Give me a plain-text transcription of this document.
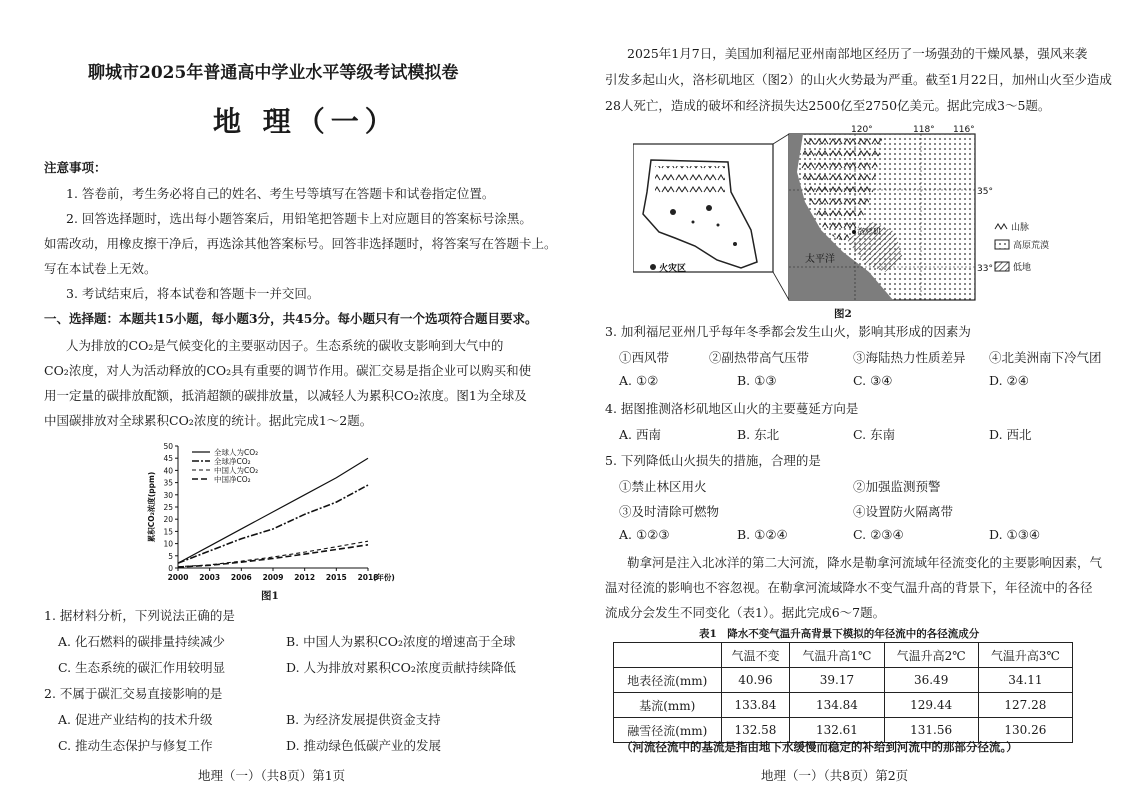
聊城市2025年普通高中学业水平等级考试模拟卷
地 理（一）
注意事项：
1. 答卷前，考生务必将自己的姓名、考生号等填写在答题卡和试卷指定位置。
2. 回答选择题时，选出每小题答案后，用铅笔把答题卡上对应题目的答案标号涂黑。
如需改动，用橡皮擦干净后，再选涂其他答案标号。回答非选择题时，将答案写在答题卡上。
写在本试卷上无效。
3. 考试结束后，将本试卷和答题卡一并交回。
一、选择题：本题共15小题，每小题3分，共45分。每小题只有一个选项符合题目要求。
人为排放的CO₂是气候变化的主要驱动因子。生态系统的碳收支影响到大气中的
CO₂浓度，对人为活动释放的CO₂具有重要的调节作用。碳汇交易是指企业可以购买和使
用一定量的碳排放配额，抵消超额的碳排放量，以减轻人为累积CO₂浓度。图1为全球及
中国碳排放对全球累积CO₂浓度的统计。据此完成1～2题。
0
5
10
15
20
25
30
35
40
45
50
2000 2003 2006 2009 2012 2015 2018
(年份)
累积CO₂浓度(ppm)
全球人为CO₂
全球净CO₂
中国人为CO₂
中国净CO₂
图1
1. 据材料分析，下列说法正确的是
A. 化石燃料的碳排量持续减少	B. 中国人为累积CO₂浓度的增速高于全球
C. 生态系统的碳汇作用较明显	D. 人为排放对累积CO₂浓度贡献持续降低
2. 不属于碳汇交易直接影响的是
A. 促进产业结构的技术升级	B. 为经济发展提供资金支持
C. 推动生态保护与修复工作	D. 推动绿色低碳产业的发展
地理（一）（共8页）第1页
2025年1月7日，美国加利福尼亚州南部地区经历了一场强劲的干燥风暴，强风来袭
引发多起山火，洛杉矶地区（图2）的山火火势最为严重。截至1月22日，加州山火至少造成
28人死亡，造成的破坏和经济损失达2500亿至2750亿美元。据此完成3～5题。
火灾区
120°	118° 116°
35°
33°
洛杉矶
太平洋
山脉
高原荒漠
低地
图2
3. 加利福尼亚州几乎每年冬季都会发生山火，影响其形成的因素为
①西风带	②副热带高气压带	③海陆热力性质差异 ④北美洲南下冷气团
A. ①②	B. ①③	C. ③④	D. ②④
4. 据图推测洛杉矶地区山火的主要蔓延方向是
A. 西南	B. 东北	C. 东南	D. 西北
5. 下列降低山火损失的措施，合理的是
①禁止林区用火	②加强监测预警
③及时清除可燃物	④设置防火隔离带
A. ①②③	B. ①②④	C. ②③④	D. ①③④
勒拿河是注入北冰洋的第二大河流，降水是勒拿河流域年径流变化的主要影响因素，气
温对径流的影响也不容忽视。在勒拿河流域降水不变气温升高的背景下，年径流中的各径
流成分会发生不同变化（表1）。据此完成6～7题。
表1　降水不变气温升高背景下模拟的年径流中的各径流成分
	气温不变	气温升高1℃	气温升高2℃	气温升高3℃
地表径流(mm)	40.96	39.17	36.49	34.11
基流(mm)	133.84	134.84	129.44	127.28
融雪径流(mm)	132.58	132.61	131.56	130.26
（河流径流中的基流是指由地下水缓慢而稳定的补给到河流中的那部分径流。）
地理（一）（共8页）第2页
